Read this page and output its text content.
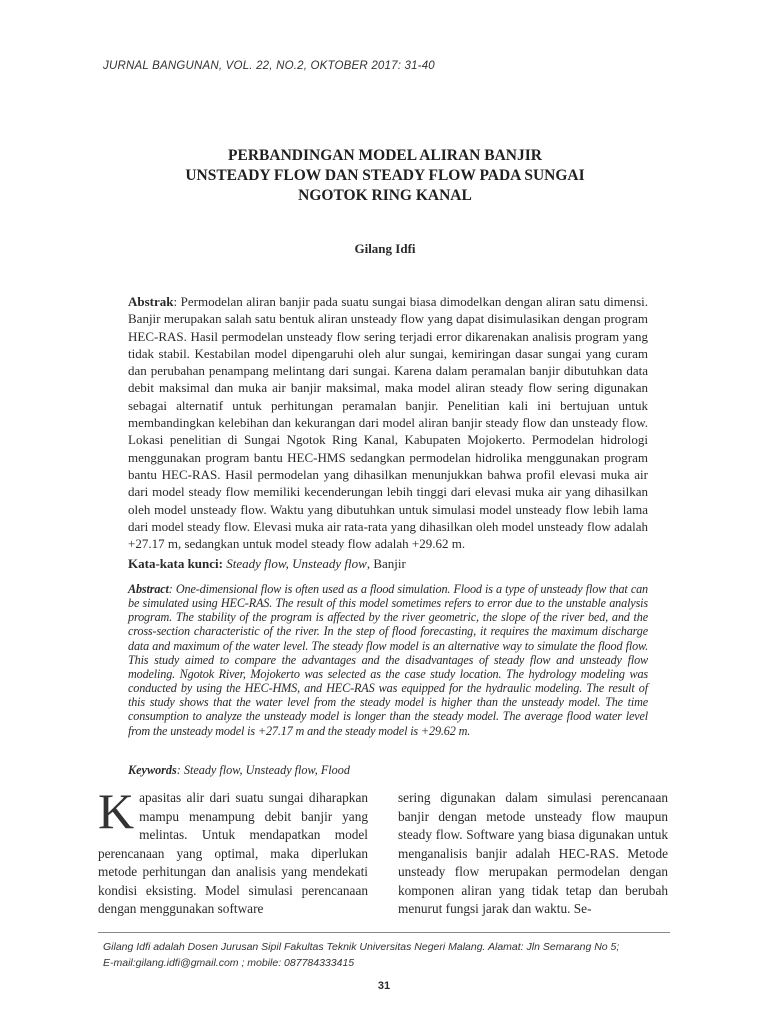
JURNAL BANGUNAN, VOL. 22, NO.2, OKTOBER 2017: 31-40
PERBANDINGAN MODEL ALIRAN BANJIR
UNSTEADY FLOW DAN STEADY FLOW PADA SUNGAI
NGOTOK RING KANAL
Gilang Idfi

Abstrak: Permodelan aliran banjir pada suatu sungai biasa dimodelkan dengan aliran satu dimensi. Banjir merupakan salah satu bentuk aliran unsteady flow yang dapat disimulasikan dengan program HEC-RAS. Hasil permodelan unsteady flow sering terjadi error dikarenakan analisis program yang tidak stabil. Kestabilan model dipengaruhi oleh alur sungai, kemiringan dasar sungai yang curam dan perubahan penampang melintang dari sungai. Karena dalam peramalan banjir dibutuhkan data debit maksimal dan muka air banjir maksimal, maka model aliran steady flow sering digunakan sebagai alternatif untuk perhitungan peramalan banjir. Penelitian kali ini bertujuan untuk membandingkan kelebihan dan kekurangan dari model aliran banjir steady flow dan unsteady flow. Lokasi penelitian di Sungai Ngotok Ring Kanal, Kabupaten Mojokerto. Permodelan hidrologi menggunakan program bantu HEC-HMS sedangkan permodelan hidrolika menggunakan program bantu HEC-RAS. Hasil permodelan yang dihasilkan menunjukkan bahwa profil elevasi muka air dari model steady flow memiliki kecenderungan lebih tinggi dari elevasi muka air yang dihasilkan oleh model unsteady flow. Waktu yang dibutuhkan untuk simulasi model unsteady flow lebih lama dari model steady flow. Elevasi muka air rata-rata yang dihasilkan oleh model unsteady flow adalah +27.17 m, sedangkan untuk model steady flow adalah +29.62 m.

Kata-kata kunci: Steady flow, Unsteady flow, Banjir

Abstract: One-dimensional flow is often used as a flood simulation. Flood is a type of unsteady flow that can be simulated using HEC-RAS. The result of this model sometimes refers to error due to the unstable analysis program. The stability of the program is affected by the river geometric, the slope of the river bed, and the cross-section characteristic of the river. In the step of flood forecasting, it requires the maximum discharge data and maximum of the water level. The steady flow model is an alternative way to simulate the flood flow. This study aimed to compare the advantages and the disadvantages of steady flow and unsteady flow modeling. Ngotok River, Mojokerto was selected as the case study location. The hydrology modeling was conducted by using the HEC-HMS, and HEC-RAS was equipped for the hydraulic modeling. The result of this study shows that the water level from the steady model is higher than the unsteady model. The time consumption to analyze the unsteady model is longer than the steady model. The average flood water level from the unsteady model is +27.17 m and the steady model is +29.62 m.

Keywords: Steady flow, Unsteady flow, Flood

Kapasitas alir dari suatu sungai diharapkan mampu menampung debit banjir yang melintas. Untuk mendapatkan model perencanaan yang optimal, maka diperlukan metode perhitungan dan analisis yang mendekati kondisi eksisting. Model simulasi perencanaan dengan menggunakan software

sering digunakan dalam simulasi perencanaan banjir dengan metode unsteady flow maupun steady flow. Software yang biasa digunakan untuk menganalisis banjir adalah HEC-RAS. Metode unsteady flow merupakan permodelan dengan komponen aliran yang tidak tetap dan berubah menurut fungsi jarak dan waktu. Se-

Gilang Idfi adalah Dosen Jurusan Sipil Fakultas Teknik Universitas Negeri Malang. Alamat: Jln Semarang No 5;
E-mail:gilang.idfi@gmail.com ; mobile: 087784333415
31
